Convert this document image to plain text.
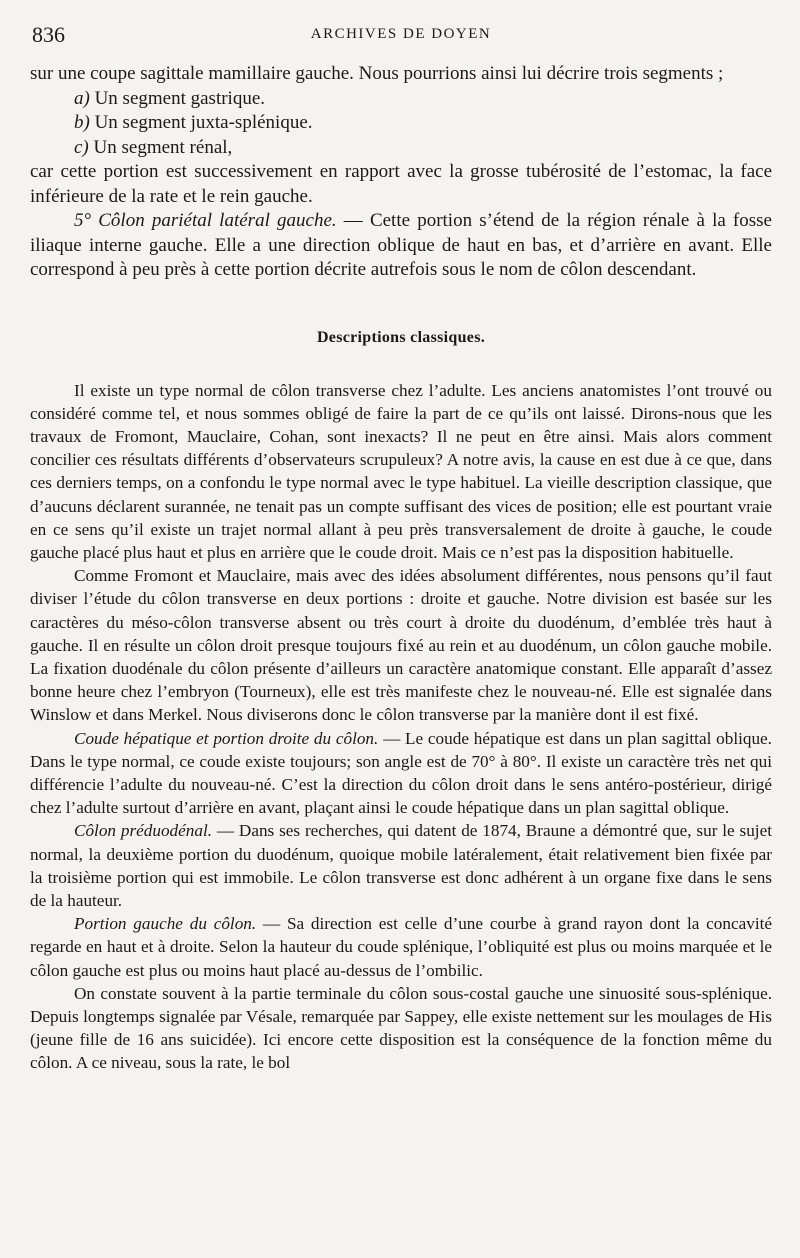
836	ARCHIVES DE DOYEN

sur une coupe sagittale mamillaire gauche. Nous pourrions ainsi lui décrire trois segments ;

a) Un segment gastrique.

b) Un segment juxta-splénique.

c) Un segment rénal,

car cette portion est successivement en rapport avec la grosse tubérosité de l’estomac, la face inférieure de la rate et le rein gauche.

5° Côlon pariétal latéral gauche. — Cette portion s’étend de la région rénale à la fosse iliaque interne gauche. Elle a une direction oblique de haut en bas, et d’arrière en avant. Elle correspond à peu près à cette portion décrite autrefois sous le nom de côlon descendant.

Descriptions classiques.

Il existe un type normal de côlon transverse chez l’adulte. Les anciens anatomistes l’ont trouvé ou considéré comme tel, et nous sommes obligé de faire la part de ce qu’ils ont laissé. Dirons-nous que les travaux de Fromont, Mauclaire, Cohan, sont inexacts? Il ne peut en être ainsi. Mais alors comment concilier ces résultats différents d’observateurs scrupuleux? A notre avis, la cause en est due à ce que, dans ces derniers temps, on a confondu le type normal avec le type habituel. La vieille description classique, que d’aucuns déclarent surannée, ne tenait pas un compte suffisant des vices de position; elle est pourtant vraie en ce sens qu’il existe un trajet normal allant à peu près transversalement de droite à gauche, le coude gauche placé plus haut et plus en arrière que le coude droit. Mais ce n’est pas la disposition habituelle.

Comme Fromont et Mauclaire, mais avec des idées absolument différentes, nous pensons qu’il faut diviser l’étude du côlon transverse en deux portions : droite et gauche. Notre division est basée sur les caractères du méso-côlon transverse absent ou très court à droite du duodénum, d’emblée très haut à gauche. Il en résulte un côlon droit presque toujours fixé au rein et au duodénum, un côlon gauche mobile. La fixation duodénale du côlon présente d’ailleurs un caractère anatomique constant. Elle apparaît d’assez bonne heure chez l’embryon (Tourneux), elle est très manifeste chez le nouveau-né. Elle est signalée dans Winslow et dans Merkel. Nous diviserons donc le côlon transverse par la manière dont il est fixé.

Coude hépatique et portion droite du côlon. — Le coude hépatique est dans un plan sagittal oblique. Dans le type normal, ce coude existe toujours; son angle est de 70° à 80°. Il existe un caractère très net qui différencie l’adulte du nouveau-né. C’est la direction du côlon droit dans le sens antéro-postérieur, dirigé chez l’adulte surtout d’arrière en avant, plaçant ainsi le coude hépatique dans un plan sagittal oblique.

Côlon préduodénal. — Dans ses recherches, qui datent de 1874, Braune a démontré que, sur le sujet normal, la deuxième portion du duodénum, quoique mobile latéralement, était relativement bien fixée par la troisième portion qui est immobile. Le côlon transverse est donc adhérent à un organe fixe dans le sens de la hauteur.

Portion gauche du côlon. — Sa direction est celle d’une courbe à grand rayon dont la concavité regarde en haut et à droite. Selon la hauteur du coude splénique, l’obliquité est plus ou moins marquée et le côlon gauche est plus ou moins haut placé au-dessus de l’ombilic.

On constate souvent à la partie terminale du côlon sous-costal gauche une sinuosité sous-splénique. Depuis longtemps signalée par Vésale, remarquée par Sappey, elle existe nettement sur les moulages de His (jeune fille de 16 ans suicidée). Ici encore cette disposition est la conséquence de la fonction même du côlon. A ce niveau, sous la rate, le bol
